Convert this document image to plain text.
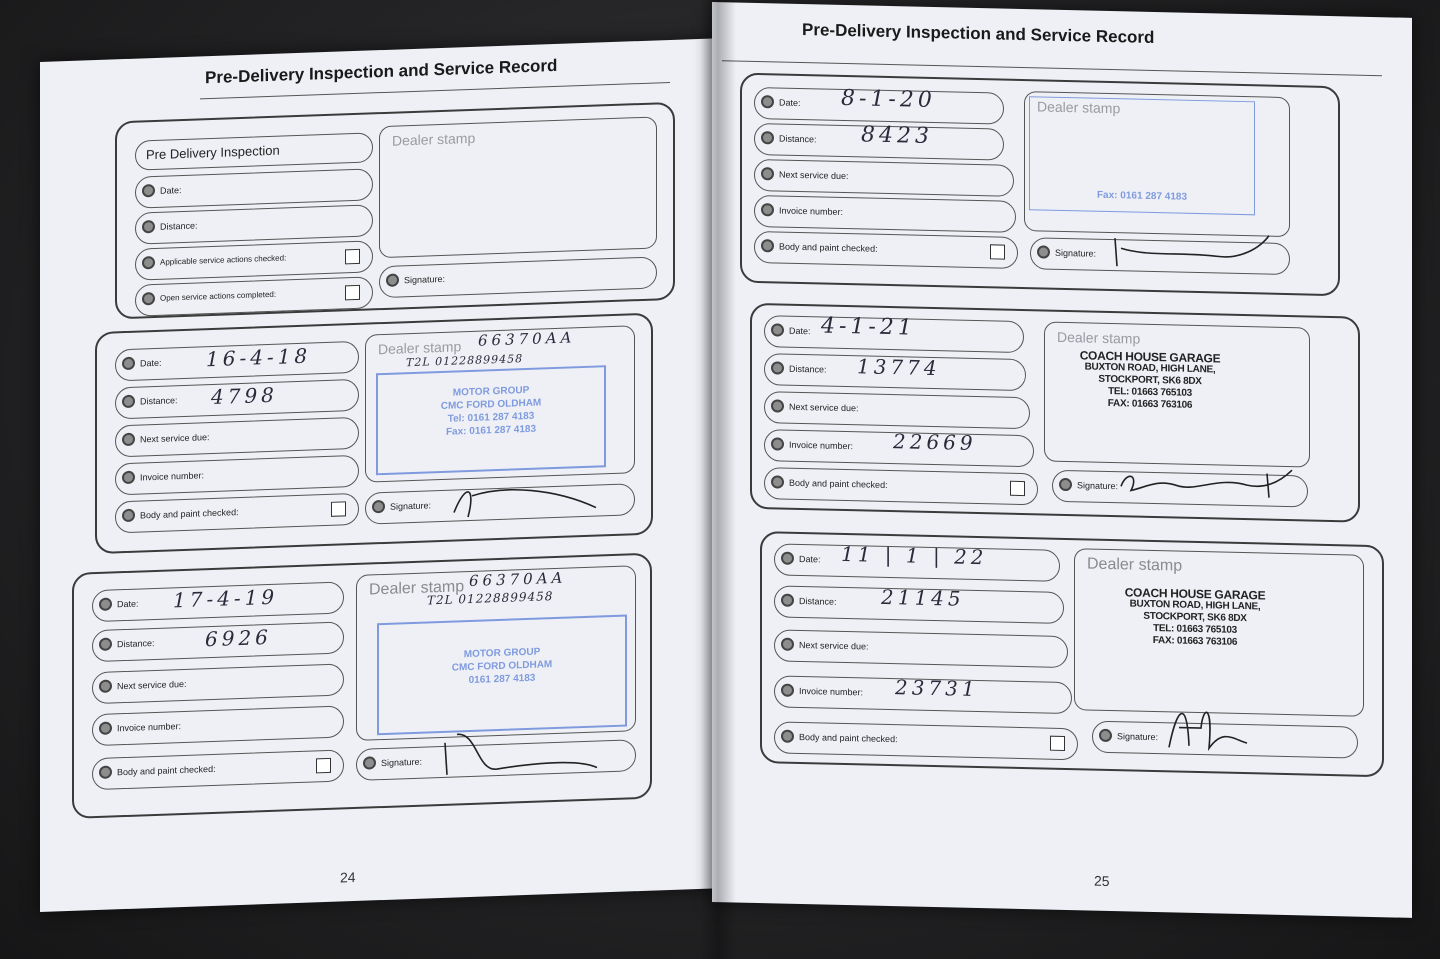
Pre-Delivery Inspection and Service Record
Pre Delivery Inspection
Date:
Distance:
Applicable service actions checked:
Open service actions completed:
Dealer stamp
Signature:
Date: 16-4-18
Distance: 4798
Next service due:
Invoice number:
Body and paint checked:
Dealer stamp 66370AA
T2L 01228899458
MOTOR GROUP
CMC FORD OLDHAM
Tel: 0161 287 4183
Fax: 0161 287 4183
Signature:
Date: 17-4-19
Distance:	6926
Next service due:
Invoice number:
Body and paint checked:
Dealer stamp 66370AA
T2L 01228899458
MOTOR GROUP
CMC FORD OLDHAM
0161 287 4183
Signature:
24
Pre-Delivery Inspection and Service Record
Date: 8-1-20
Distance: 8423
Next service due:
Invoice number:
Body and paint checked:
Dealer stamp
Fax: 0161 287 4183
Signature:
Date: 4-1-21
Distance: 13774
Next service due:
Invoice number: 22669
Body and paint checked:
Dealer stamp
COACH HOUSE GARAGE
BUXTON ROAD, HIGH LANE,
STOCKPORT, SK6 8DX
TEL: 01663 765103
FAX: 01663 763106
Signature:
Date: 11 | 1 | 22
Distance: 21145
Next service due:
Invoice number: 23731
Body and paint checked:
Dealer stamp
COACH HOUSE GARAGE
BUXTON ROAD, HIGH LANE,
STOCKPORT, SK6 8DX
TEL: 01663 765103
FAX: 01663 763106
Signature:
25
